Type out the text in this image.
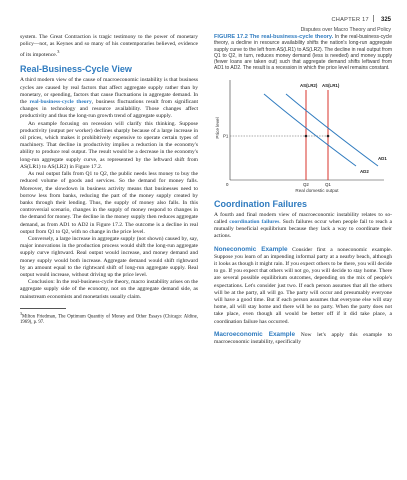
CHAPTER 17 325
Disputes over Macro Theory and Policy

system. The Great Contraction is tragic testimony to the power of monetary policy—not, as Keynes and so many of his contemporaries believed, evidence of its impotence.$^3$

Real-Business-Cycle View

A third modern view of the cause of macroeconomic instability is that business cycles are caused by real factors that affect aggregate supply rather than by monetary, or spending, factors that cause fluctuations in aggregate demand. In the real-business-cycle theory, business fluctuations result from significant changes in technology and resource availability. Those changes affect productivity and thus the long-run growth trend of aggregate supply.

An example focusing on recession will clarify this thinking. Suppose productivity (output per worker) declines sharply because of a large increase in oil prices, which makes it prohibitively expensive to operate certain types of machinery. That decline in productivity implies a reduction in the economy's ability to produce real output. The result would be a decrease in the economy's long-run aggregate supply curve, as represented by the leftward shift from AS(LR1) to AS(LR2) in Figure 17.2.

As real output falls from Q1 to Q2, the public needs less money to buy the reduced volume of goods and services. So the demand for money falls. Moreover, the slowdown in business activity means that businesses need to borrow less from banks, reducing the part of the money supply created by banks through their lending. Thus, the supply of money also falls. In this controversial scenario, changes in the supply of money respond to changes in the demand for money. The decline in the money supply then reduces aggregate demand, as from AD1 to AD2 in Figure 17.2. The outcome is a decline in real output from Q1 to Q2, with no change in the price level.

Conversely, a large increase in aggregate supply (not shown) caused by, say, major innovations in the production process would shift the long-run aggregate supply curve rightward. Real output would increase, and money demand and money supply would both increase. Aggregate demand would shift rightward by an amount equal to the rightward shift of long-run aggregate supply. Real output would increase, without driving up the price level.

Conclusion: In the real-business-cycle theory, macro instability arises on the aggregate supply side of the economy, not on the aggregate demand side, as mainstream economists and monetarists usually claim.

$^3$Milton Friedman, The Optimum Quantity of Money and Other Essays (Chicago: Aldine, 1969), p. 97.

FIGURE 17.2 The real-business-cycle theory. In the real-business-cycle theory, a decline in resource availability shifts the nation's long-run aggregate supply curve to the left from AS(LR1) to AS(LR2). The decline in real output from Q1 to Q2, in turn, reduces money demand (less is needed) and money supply (fewer loans are taken out) such that aggregate demand shifts leftward from AD1 to AD2. The result is a recession in which the price level remains constant.
Price level
AS(LR2) AS(LR1)
AD1
AD2
P1
0	Q2	Q1
Real domestic output
Coordination Failures

A fourth and final modern view of macroeconomic instability relates to so-called coordination failures. Such failures occur when people fail to reach a mutually beneficial equilibrium because they lack a way to coordinate their actions.

Noneconomic Example Consider first a noneconomic example. Suppose you learn of an impending informal party at a nearby beach, although it looks as though it might rain. If you expect others to be there, you will decide to go. If you expect that others will not go, you will decide to stay home. There are several possible equilibrium outcomes, depending on the mix of people's expectations. Let's consider just two. If each person assumes that all the others will be at the party, all will go. The party will occur and presumably everyone will have a good time. But if each person assumes that everyone else will stay home, all will stay home and there will be no party. When the party does not take place, even though all would be better off if it did take place, a coordination failure has occurred.

Macroeconomic Example Now let's apply this example to macroeconomic instability, specifically
